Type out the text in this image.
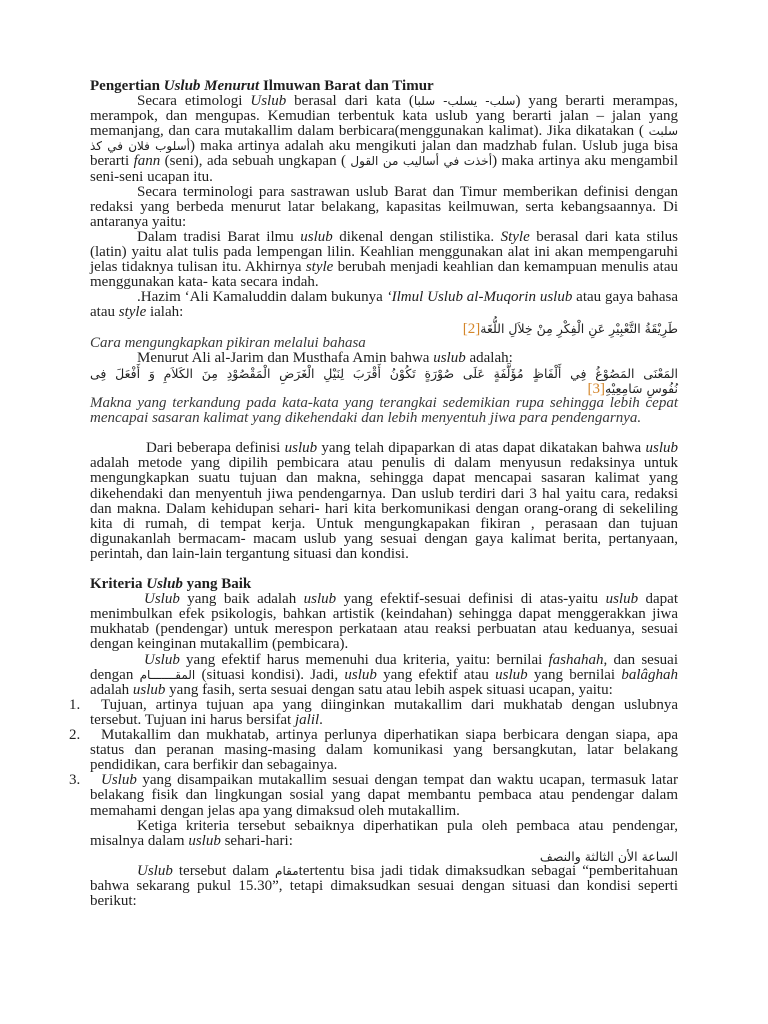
Pengertian Uslub Menurut Ilmuwan Barat dan Timur

Secara etimologi Uslub berasal dari kata (سلب- يسلب- سلبا) yang berarti merampas, merampok, dan mengupas. Kemudian terbentuk kata uslub yang berarti jalan – jalan yang memanjang, dan cara mutakallim dalam berbicara(menggunakan kalimat). Jika dikatakan ( سلبت أسلوب فلان في كذ) maka artinya adalah aku mengikuti jalan dan madzhab fulan. Uslub juga bisa berarti fann (seni), ada sebuah ungkapan ( أخذت في أساليب من القول) maka artinya aku mengambil seni-seni ucapan itu.

Secara terminologi para sastrawan uslub Barat dan Timur memberikan definisi dengan redaksi yang berbeda menurut latar belakang, kapasitas keilmuwan, serta kebangsaannya. Di antaranya yaitu:

Dalam tradisi Barat ilmu uslub dikenal dengan stilistika. Style berasal dari kata stilus (latin) yaitu alat tulis pada lempengan lilin. Keahlian menggunakan alat ini akan mempengaruhi jelas tidaknya tulisan itu. Akhirnya style berubah menjadi keahlian dan kemampuan menulis atau menggunakan kata- kata secara indah.

.Hazim ‘Ali Kamaluddin dalam bukunya ‘Ilmul Uslub al-Muqorin uslub atau gaya bahasa atau style ialah:

طَرِيْقَةُ التَّعْبِيْرِ عَنِ الْفِكْرِ مِنْ خِلاَلِ اللُّغَة[2]

Cara mengungkapkan pikiran melalui bahasa

Menurut Ali al-Jarim dan Musthafa Amin bahwa uslub adalah:

المَعْنَى المَصُوْغُ فِي أَلْفَاظٍ مُؤَلَّفَةٍ عَلَى صُوْرَةٍ تَكُوْنُ أَقْرَبَ لِنَيْلِ الْغَرَضِ الْمَقْصُوْدِ مِنَ الكَلاَمِ وَ أَفْعَلَ فِى
نُفُوسِ سَامِعِيْهِ[3]

Makna yang terkandung pada kata-kata yang terangkai sedemikian rupa sehingga lebih cepat mencapai sasaran kalimat yang dikehendaki dan lebih menyentuh jiwa para pendengarnya.

Dari beberapa definisi uslub yang telah dipaparkan di atas dapat dikatakan bahwa uslub adalah metode yang dipilih pembicara atau penulis di dalam menyusun redaksinya untuk mengungkapkan suatu tujuan dan makna, sehingga dapat mencapai sasaran kalimat yang dikehendaki dan menyentuh jiwa pendengarnya. Dan uslub terdiri dari 3 hal yaitu cara, redaksi dan makna. Dalam kehidupan sehari- hari kita berkomunikasi dengan orang-orang di sekeliling kita di rumah, di tempat kerja. Untuk mengungkapakan fikiran , perasaan dan tujuan digunakanlah bermacam- macam uslub yang sesuai dengan gaya kalimat berita, pertanyaan, perintah, dan lain-lain tergantung situasi dan kondisi.

Kriteria Uslub yang Baik

Uslub yang baik adalah uslub yang efektif-sesuai definisi di atas-yaitu uslub dapat menimbulkan efek psikologis, bahkan artistik (keindahan) sehingga dapat menggerakkan jiwa mukhatab (pendengar) untuk merespon perkataan atau reaksi perbuatan atau keduanya, sesuai dengan keinginan mutakallim (pembicara).

Uslub yang efektif harus memenuhi dua kriteria, yaitu: bernilai fashahah, dan sesuai dengan المقـــــــام (situasi kondisi). Jadi, uslub yang efektif atau uslub yang bernilai balâghah adalah uslub yang fasih, serta sesuai dengan satu atau lebih aspek situasi ucapan, yaitu:

1.	Tujuan, artinya tujuan apa yang diinginkan mutakallim dari mukhatab dengan uslubnya tersebut. Tujuan ini harus bersifat jalil.

2.	Mutakallim dan mukhatab, artinya perlunya diperhatikan siapa berbicara dengan siapa, apa status dan peranan masing-masing dalam komunikasi yang bersangkutan, latar belakang pendidikan, cara berfikir dan sebagainya.

3.	Uslub yang disampaikan mutakallim sesuai dengan tempat dan waktu ucapan, termasuk latar belakang fisik dan lingkungan sosial yang dapat membantu pembaca atau pendengar dalam memahami dengan jelas apa yang dimaksud oleh mutakallim.

Ketiga kriteria tersebut sebaiknya diperhatikan pula oleh pembaca atau pendengar, misalnya dalam uslub sehari-hari:

الساعة الأن الثالثة والنصف

Uslub tersebut dalam مقامtertentu bisa jadi tidak dimaksudkan sebagai “pemberitahuan bahwa sekarang pukul 15.30”, tetapi dimaksudkan sesuai dengan situasi dan kondisi seperti berikut:
